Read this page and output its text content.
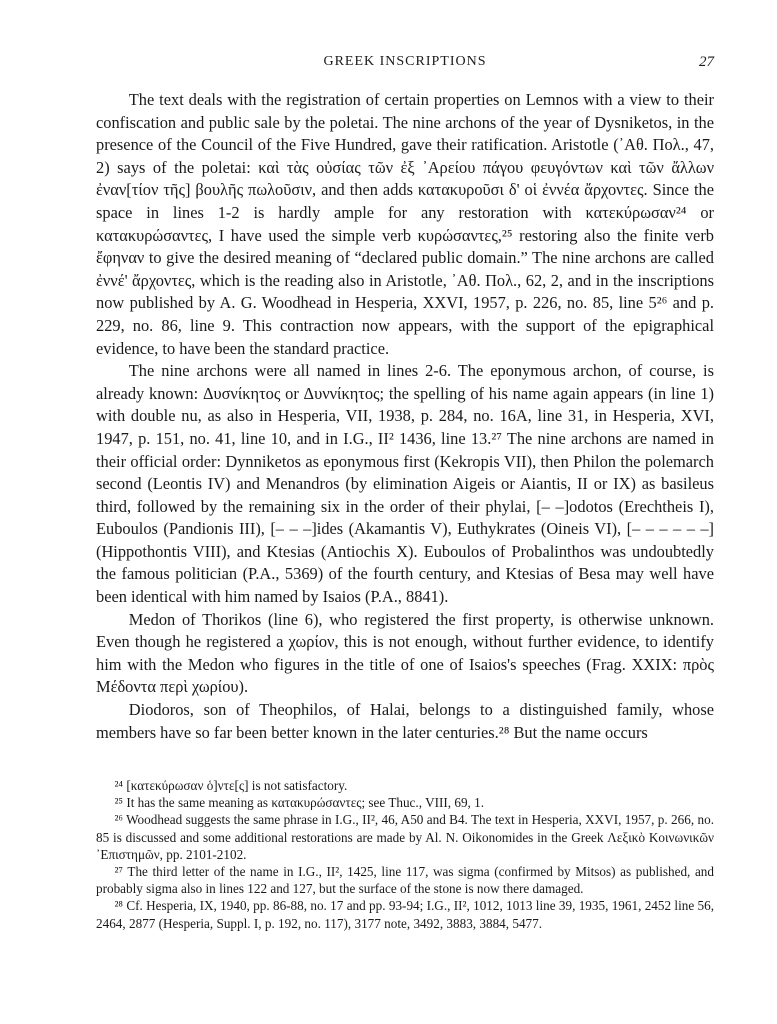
GREEK INSCRIPTIONS	27

The text deals with the registration of certain properties on Lemnos with a view to their confiscation and public sale by the poletai. The nine archons of the year of Dysniketos, in the presence of the Council of the Five Hundred, gave their ratification. Aristotle (᾿Αθ. Πολ., 47, 2) says of the poletai: καὶ τὰς οὐσίας τῶν ἐξ ᾿Αρείου πάγου φευγόντων καὶ τῶν ἄλλων ἐναν[τίον τῆς] βουλῆς πωλοῦσιν, and then adds κατακυροῦσι δ' οἱ ἐννέα ἄρχοντες. Since the space in lines 1-2 is hardly ample for any restoration with κατεκύρωσαν²⁴ or κατακυρώσαντες, I have used the simple verb κυρώσαντες,²⁵ restoring also the finite verb ἔφηναν to give the desired meaning of “declared public domain.” The nine archons are called ἐννέ' ἄρχοντες, which is the reading also in Aristotle, ᾿Αθ. Πολ., 62, 2, and in the inscriptions now published by A. G. Woodhead in Hesperia, XXVI, 1957, p. 226, no. 85, line 5²⁶ and p. 229, no. 86, line 9. This contraction now appears, with the support of the epigraphical evidence, to have been the standard practice.

The nine archons were all named in lines 2-6. The eponymous archon, of course, is already known: Δυσνίκητος or Δυννίκητος; the spelling of his name again appears (in line 1) with double nu, as also in Hesperia, VII, 1938, p. 284, no. 16A, line 31, in Hesperia, XVI, 1947, p. 151, no. 41, line 10, and in I.G., II² 1436, line 13.²⁷ The nine archons are named in their official order: Dynniketos as eponymous first (Kekropis VII), then Philon the polemarch second (Leontis IV) and Menandros (by elimination Aigeis or Aiantis, II or IX) as basileus third, followed by the remaining six in the order of their phylai, [– –]odotos (Erechtheis I), Euboulos (Pandionis III), [– – –]ides (Akamantis V), Euthykrates (Oineis VI), [– – – – – –] (Hippothontis VIII), and Ktesias (Antiochis X). Euboulos of Probalinthos was undoubtedly the famous politician (P.A., 5369) of the fourth century, and Ktesias of Besa may well have been identical with him named by Isaios (P.A., 8841).

Medon of Thorikos (line 6), who registered the first property, is otherwise unknown. Even though he registered a χωρίον, this is not enough, without further evidence, to identify him with the Medon who figures in the title of one of Isaios's speeches (Frag. XXIX: πρὸς Μέδοντα περὶ χωρίου).

Diodoros, son of Theophilos, of Halai, belongs to a distinguished family, whose members have so far been better known in the later centuries.²⁸ But the name occurs

²⁴ [κατεκύρωσαν ὁ]ντε[ς] is not satisfactory.

²⁵ It has the same meaning as κατακυρώσαντες; see Thuc., VIII, 69, 1.

²⁶ Woodhead suggests the same phrase in I.G., II², 46, A50 and B4. The text in Hesperia, XXVI, 1957, p. 266, no. 85 is discussed and some additional restorations are made by Al. N. Oikonomides in the Greek Λεξικὸ Κοινωνικῶν ᾿Επιστημῶν, pp. 2101-2102.

²⁷ The third letter of the name in I.G., II², 1425, line 117, was sigma (confirmed by Mitsos) as published, and probably sigma also in lines 122 and 127, but the surface of the stone is now there damaged.

²⁸ Cf. Hesperia, IX, 1940, pp. 86-88, no. 17 and pp. 93-94; I.G., II², 1012, 1013 line 39, 1935, 1961, 2452 line 56, 2464, 2877 (Hesperia, Suppl. I, p. 192, no. 117), 3177 note, 3492, 3883, 3884, 5477.
